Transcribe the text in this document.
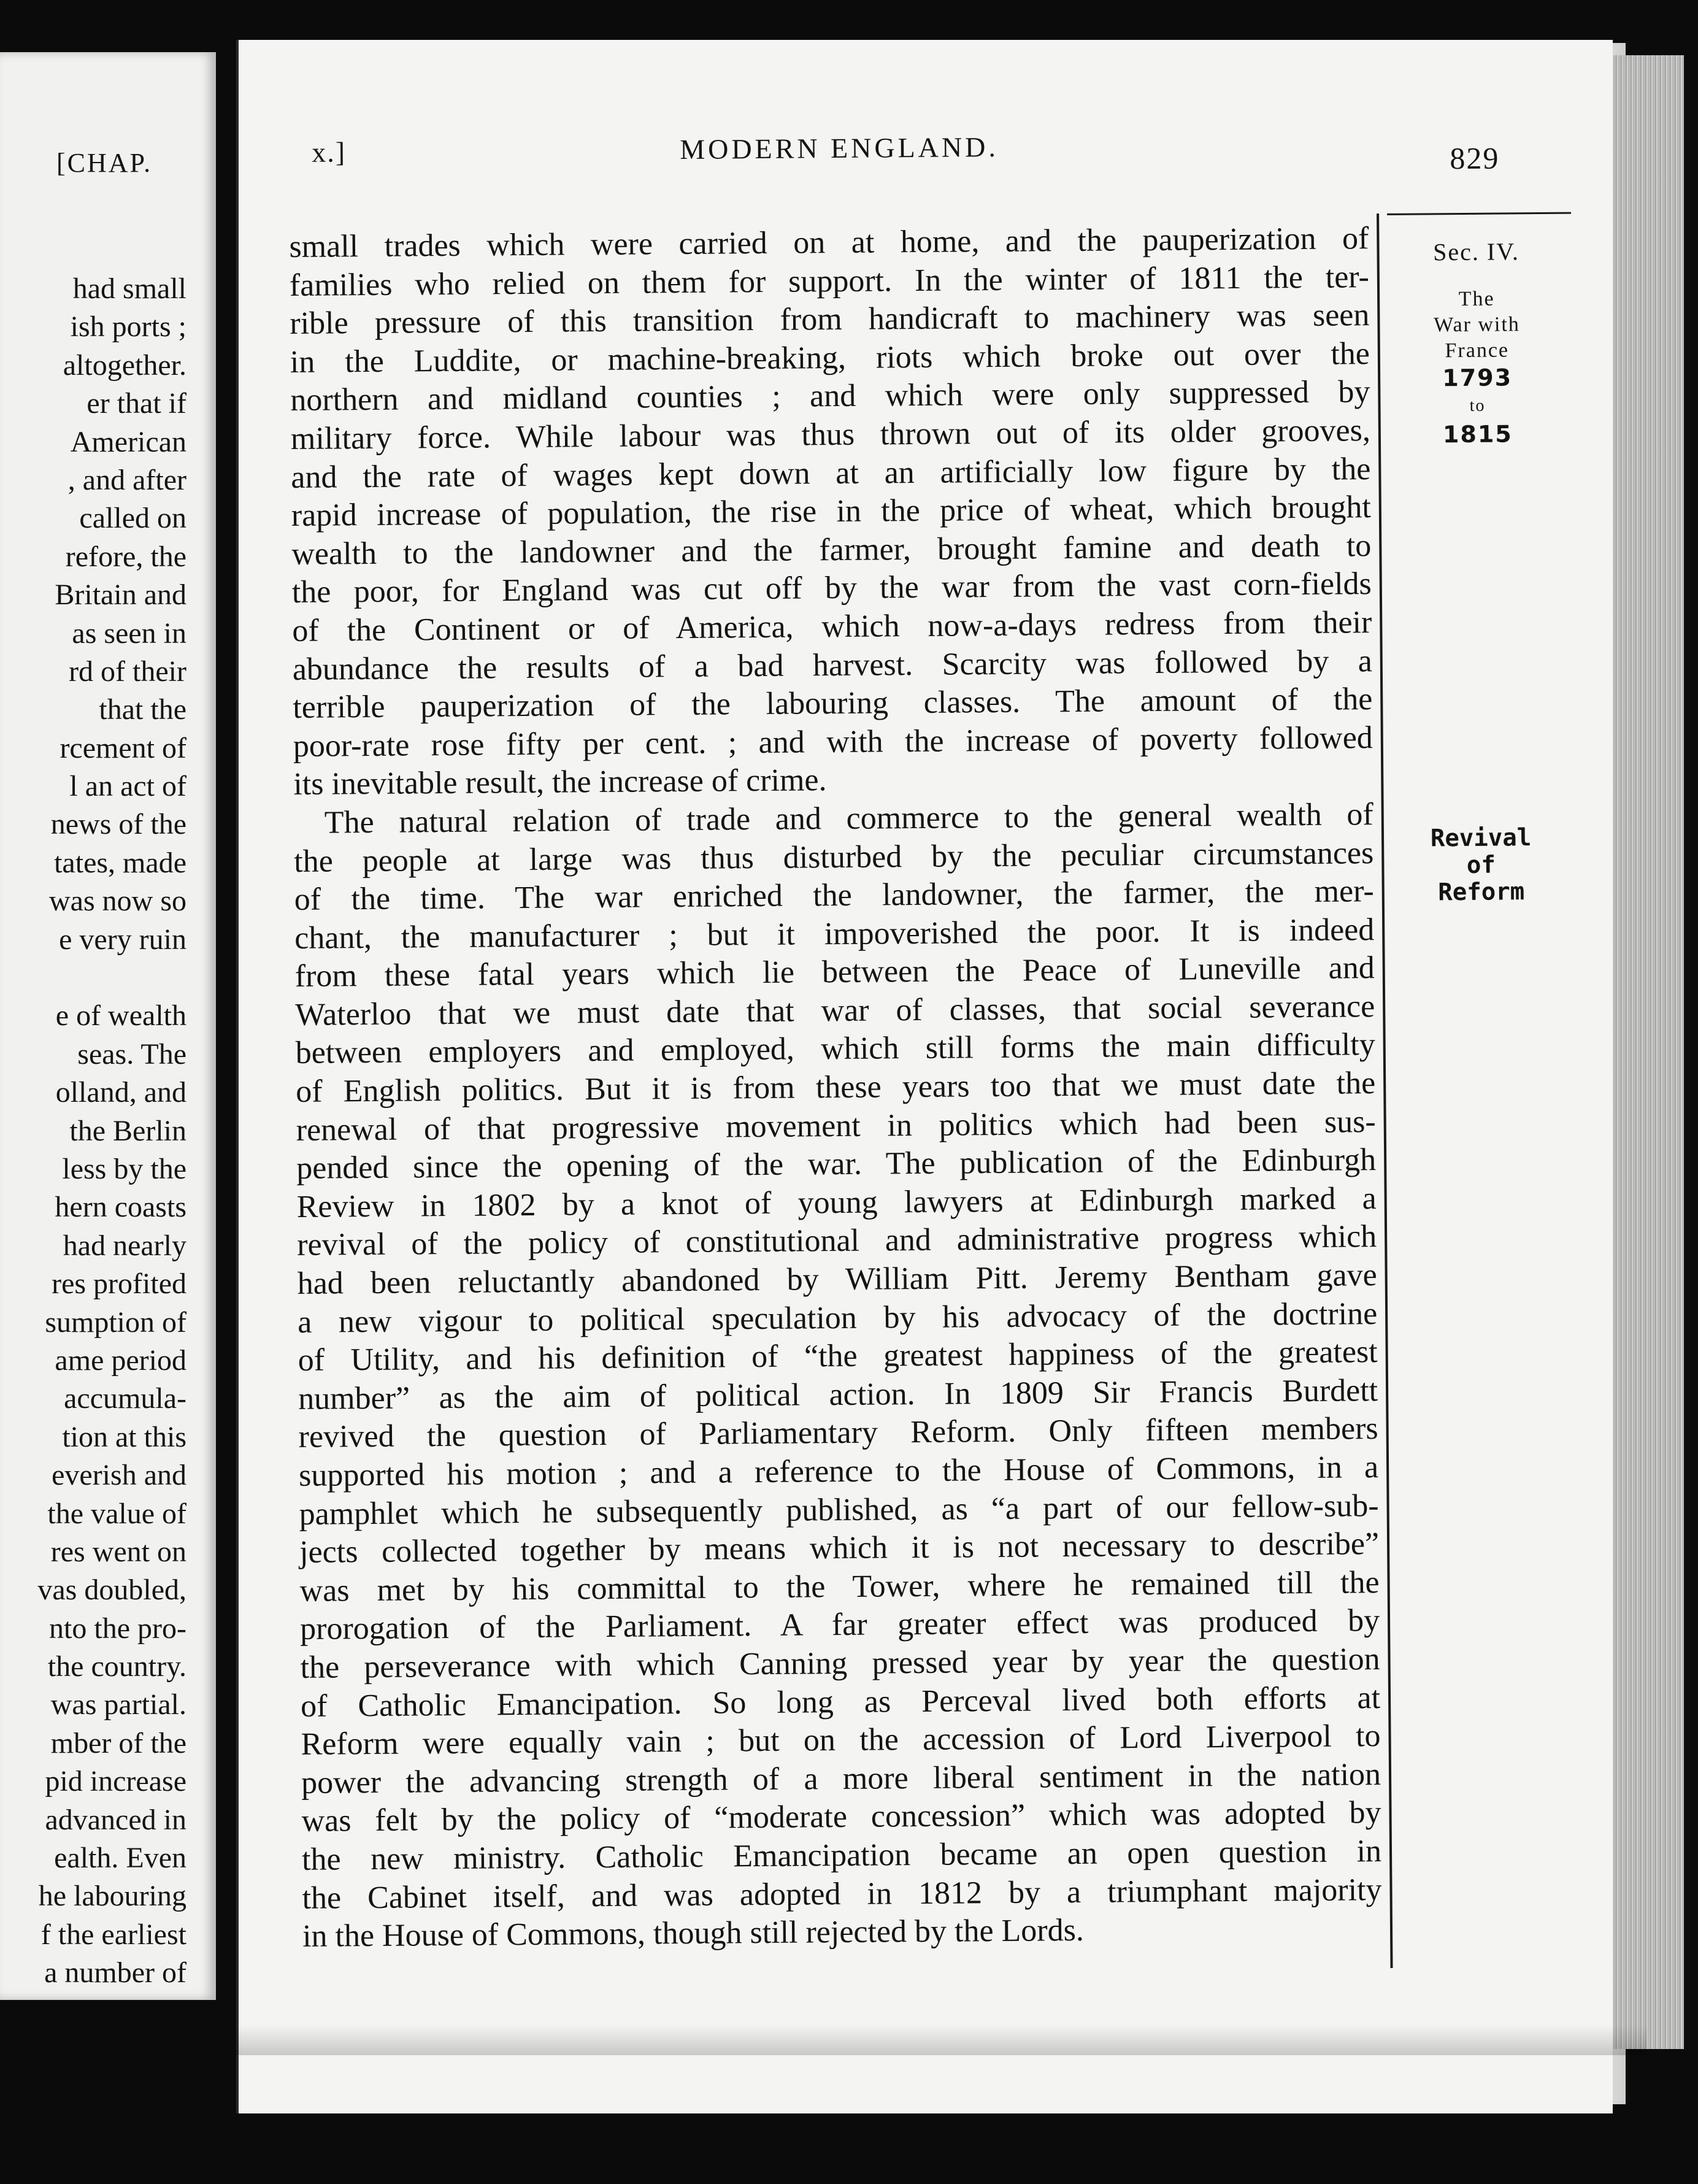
[CHAP.
had small
ish ports ;
altogether.
er that if
American
, and after
called on
refore, the
Britain and
as seen in
rd of their
that the
rcement of
l an act of
news of the
tates, made
was now so
e very ruin
e of wealth
seas. The
olland, and
the Berlin
less by the
hern coasts
had nearly
res profited
sumption of
ame period
accumula-
tion at this
everish and
the value of
res went on
vas doubled,
nto the pro-
the country.
was partial.
mber of the
pid increase
advanced in
ealth. Even
he labouring
f the earliest
a number of
x.]	MODERN ENGLAND.	829
small trades which were carried on at home, and the pauperization of
families who relied on them for support. In the winter of 1811 the ter-
rible pressure of this transition from handicraft to machinery was seen
in the Luddite, or machine-breaking, riots which broke out over the
northern and midland counties ; and which were only suppressed by
military force. While labour was thus thrown out of its older grooves,
and the rate of wages kept down at an artificially low figure by the
rapid increase of population, the rise in the price of wheat, which brought
wealth to the landowner and the farmer, brought famine and death to
the poor, for England was cut off by the war from the vast corn-fields
of the Continent or of America, which now-a-days redress from their
abundance the results of a bad harvest. Scarcity was followed by a
terrible pauperization of the labouring classes. The amount of the
poor-rate rose fifty per cent. ; and with the increase of poverty followed
its inevitable result, the increase of crime.
The natural relation of trade and commerce to the general wealth of
the people at large was thus disturbed by the peculiar circumstances
of the time. The war enriched the landowner, the farmer, the mer-
chant, the manufacturer ; but it impoverished the poor. It is indeed
from these fatal years which lie between the Peace of Luneville and
Waterloo that we must date that war of classes, that social severance
between employers and employed, which still forms the main difficulty
of English politics. But it is from these years too that we must date the
renewal of that progressive movement in politics which had been sus-
pended since the opening of the war. The publication of the Edinburgh
Review in 1802 by a knot of young lawyers at Edinburgh marked a
revival of the policy of constitutional and administrative progress which
had been reluctantly abandoned by William Pitt. Jeremy Bentham gave
a new vigour to political speculation by his advocacy of the doctrine
of Utility, and his definition of “the greatest happiness of the greatest
number” as the aim of political action. In 1809 Sir Francis Burdett
revived the question of Parliamentary Reform. Only fifteen members
supported his motion ; and a reference to the House of Commons, in a
pamphlet which he subsequently published, as “a part of our fellow-sub-
jects collected together by means which it is not necessary to describe”
was met by his committal to the Tower, where he remained till the
prorogation of the Parliament. A far greater effect was produced by
the perseverance with which Canning pressed year by year the question
of Catholic Emancipation. So long as Perceval lived both efforts at
Reform were equally vain ; but on the accession of Lord Liverpool to
power the advancing strength of a more liberal sentiment in the nation
was felt by the policy of “moderate concession” which was adopted by
the new ministry. Catholic Emancipation became an open question in
the Cabinet itself, and was adopted in 1812 by a triumphant majority
in the House of Commons, though still rejected by the Lords.
Sec. IV.
The
War with
France
1793
to
1815
Revival
of
Reform
